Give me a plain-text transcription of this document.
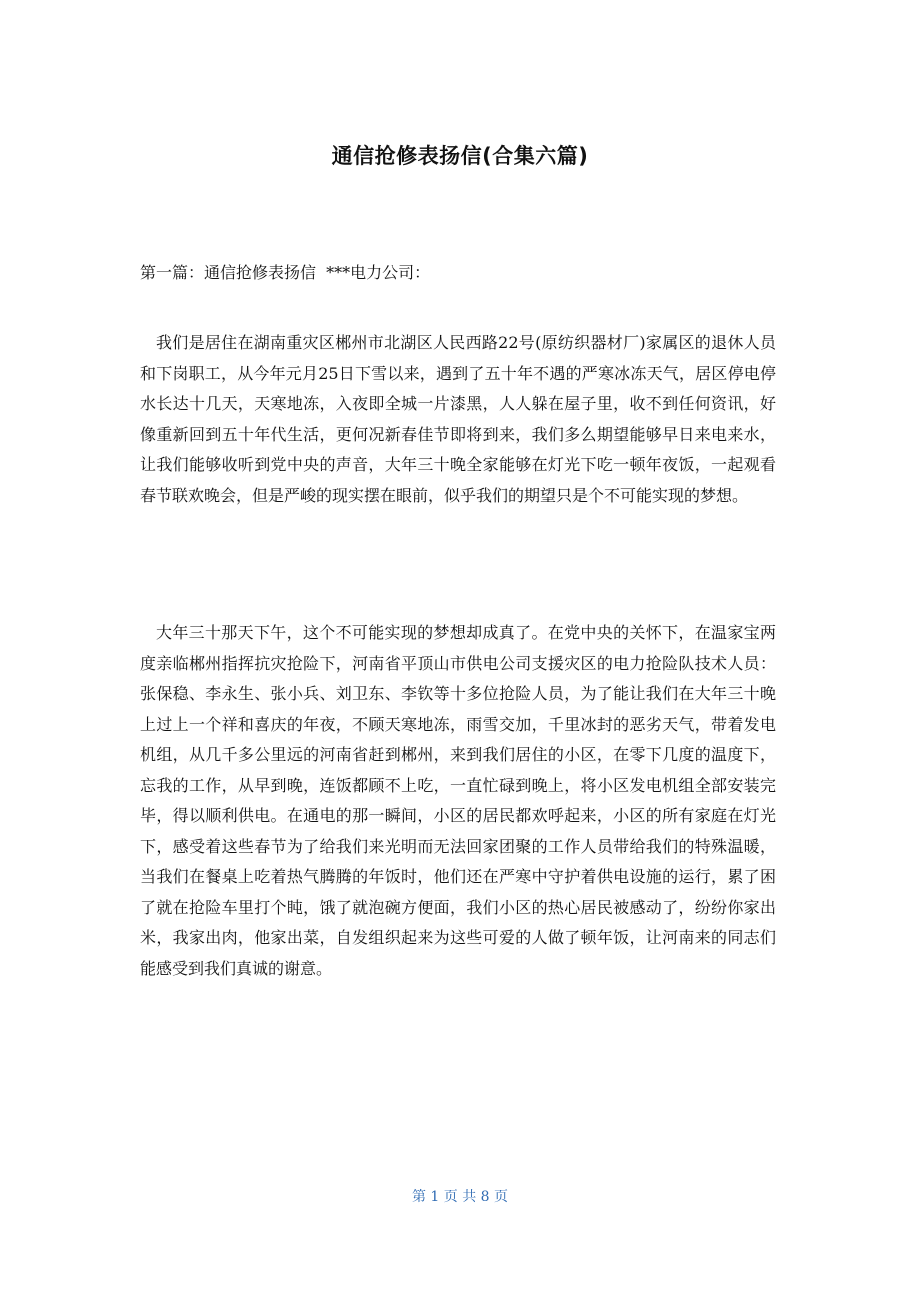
通信抢修表扬信(合集六篇)
第一篇：通信抢修表扬信  ***电力公司：

我们是居住在湖南重灾区郴州市北湖区人民西路22号(原纺织器材厂)家属区的退休人员和下岗职工，从今年元月25日下雪以来，遇到了五十年不遇的严寒冰冻天气，居区停电停水长达十几天，天寒地冻，入夜即全城一片漆黑，人人躲在屋子里，收不到任何资讯，好像重新回到五十年代生活，更何况新春佳节即将到来，我们多么期望能够早日来电来水，让我们能够收听到党中央的声音，大年三十晚全家能够在灯光下吃一顿年夜饭，一起观看春节联欢晚会，但是严峻的现实摆在眼前，似乎我们的期望只是个不可能实现的梦想。

大年三十那天下午，这个不可能实现的梦想却成真了。在党中央的关怀下，在温家宝两度亲临郴州指挥抗灾抢险下，河南省平顶山市供电公司支援灾区的电力抢险队技术人员：张保稳、李永生、张小兵、刘卫东、李钦等十多位抢险人员，为了能让我们在大年三十晚上过上一个祥和喜庆的年夜，不顾天寒地冻，雨雪交加，千里冰封的恶劣天气，带着发电机组，从几千多公里远的河南省赶到郴州，来到我们居住的小区，在零下几度的温度下，忘我的工作，从早到晚，连饭都顾不上吃，一直忙碌到晚上，将小区发电机组全部安装完毕，得以顺利供电。在通电的那一瞬间，小区的居民都欢呼起来，小区的所有家庭在灯光下，感受着这些春节为了给我们来光明而无法回家团聚的工作人员带给我们的特殊温暖，当我们在餐桌上吃着热气腾腾的年饭时，他们还在严寒中守护着供电设施的运行，累了困了就在抢险车里打个盹，饿了就泡碗方便面，我们小区的热心居民被感动了，纷纷你家出米，我家出肉，他家出菜，自发组织起来为这些可爱的人做了顿年饭，让河南来的同志们能感受到我们真诚的谢意。

第 1 页 共 8 页
